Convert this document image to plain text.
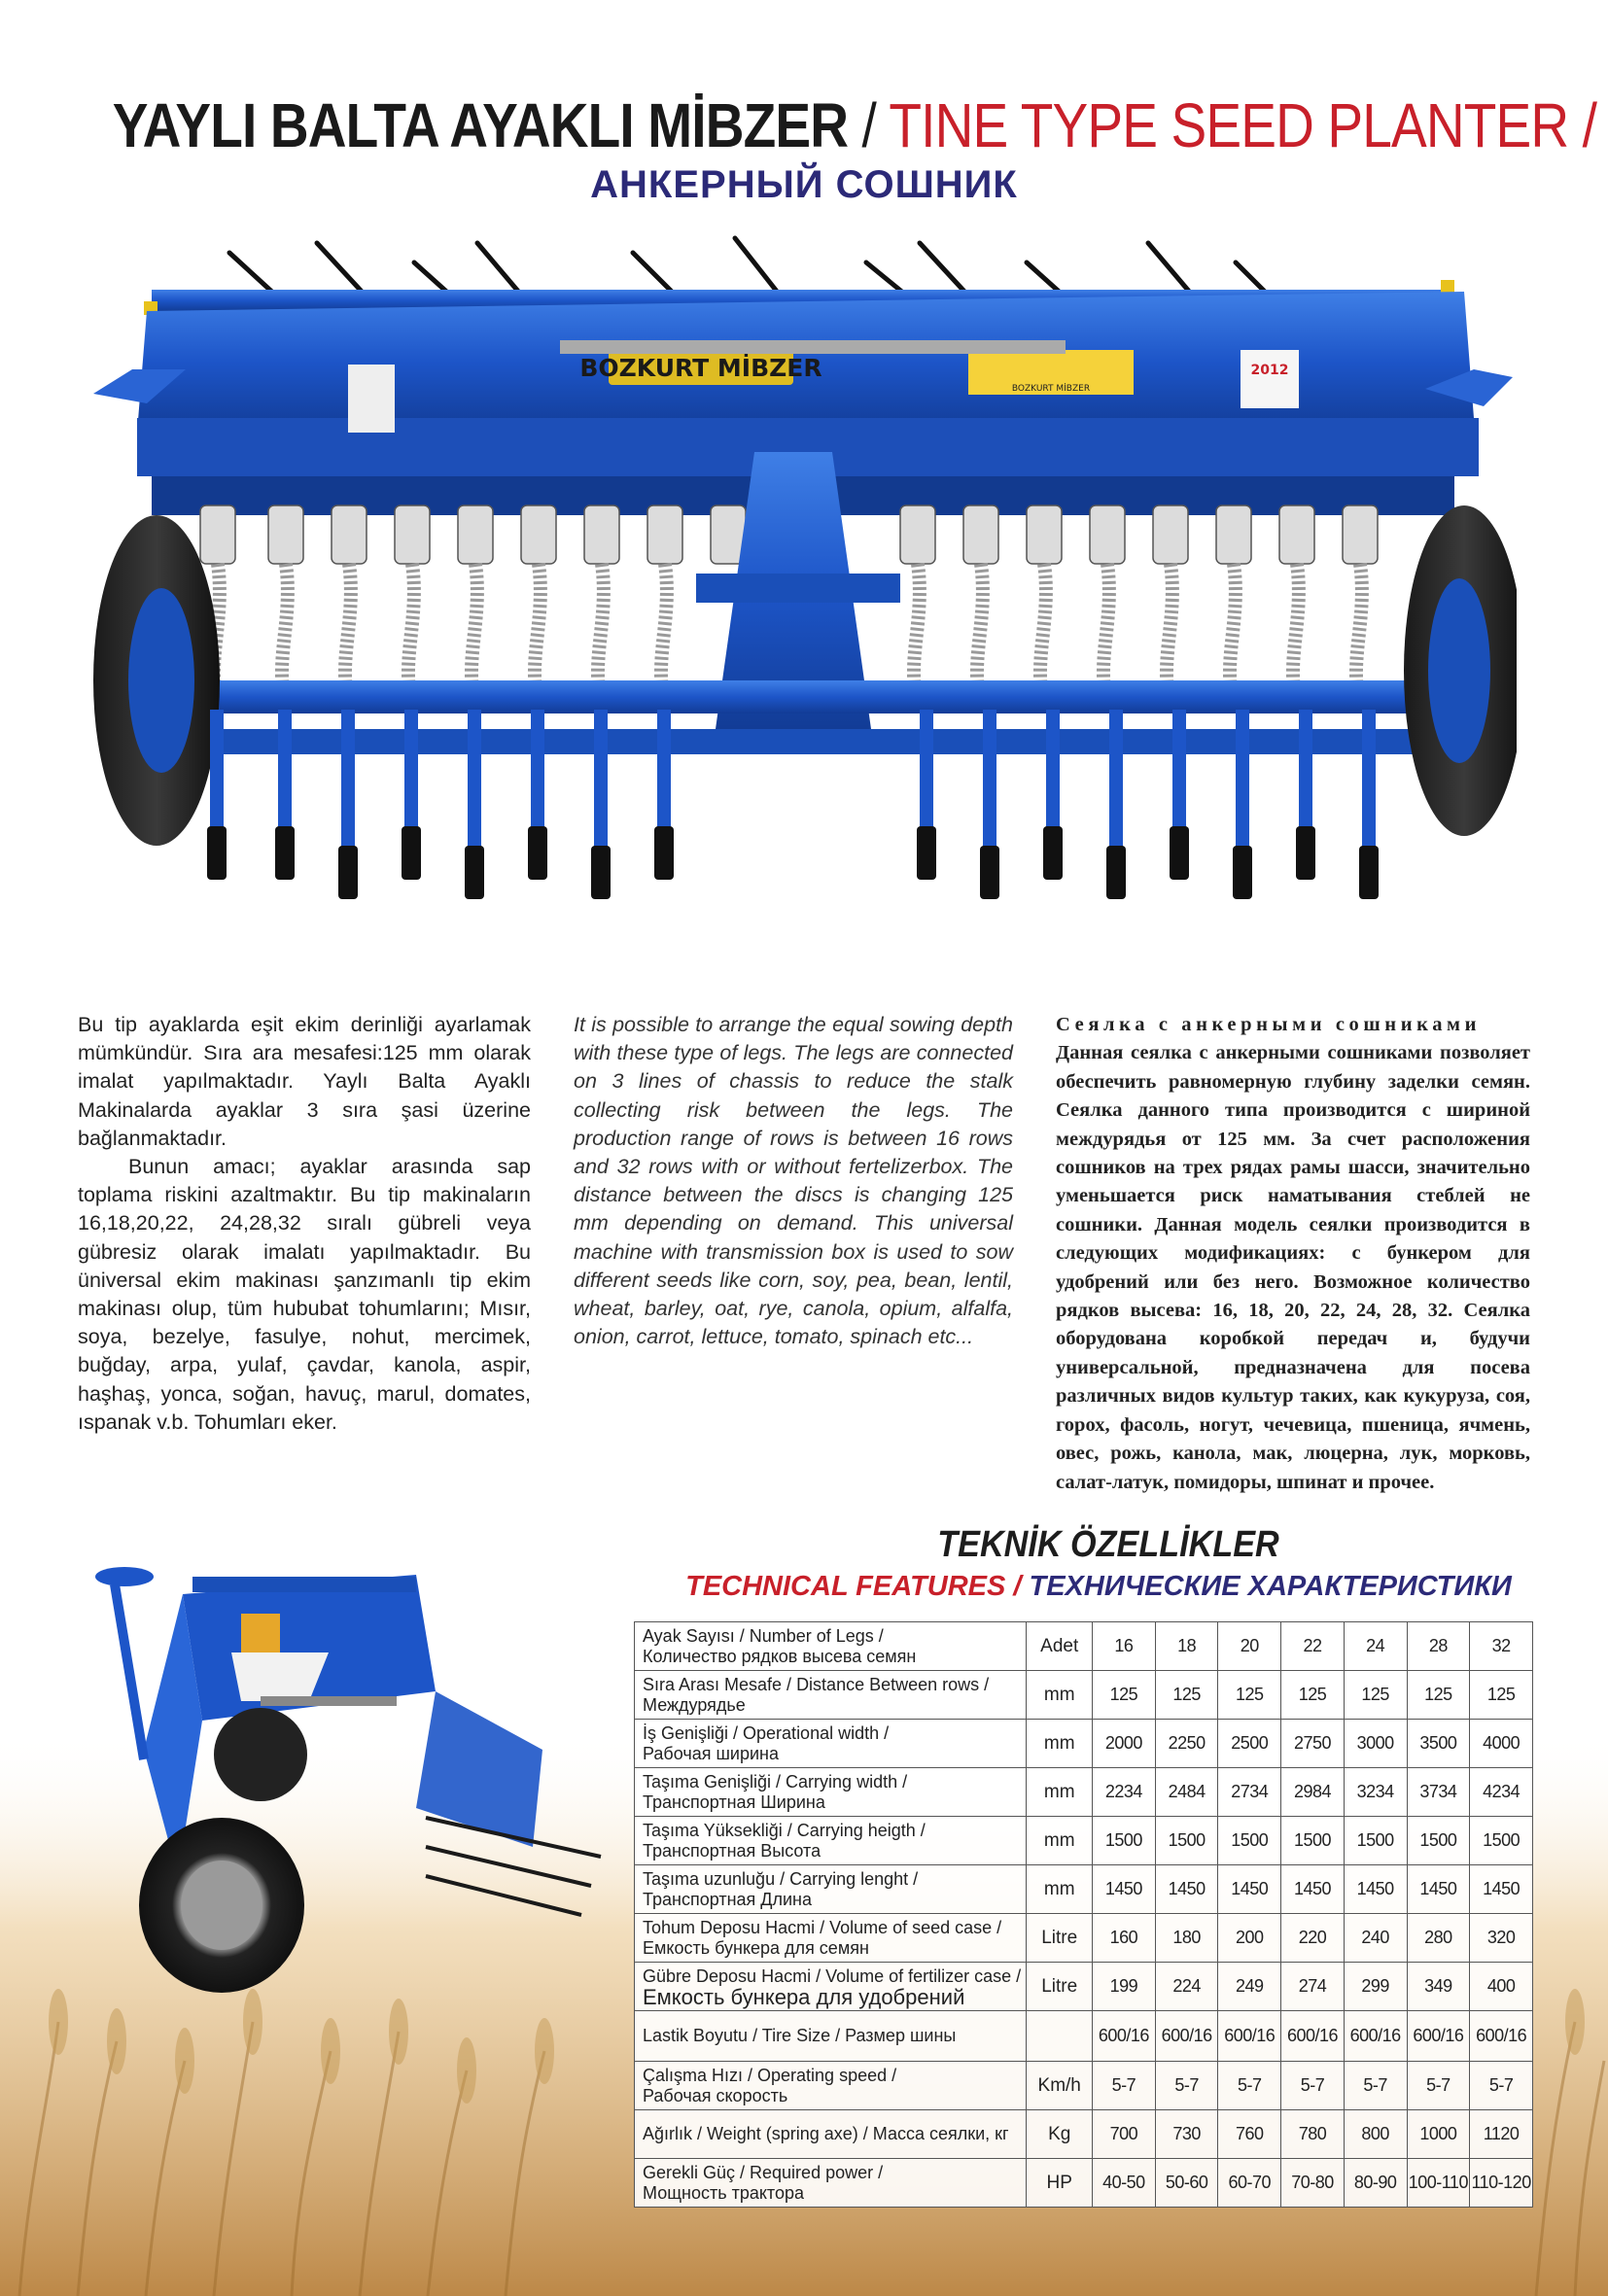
YAYLI BALTA AYAKLI MİBZER / TINE TYPE SEED PLANTER /
АНКЕРНЫЙ СОШНИК
BOZKURT MİBZER
BOZKURT MİBZER
2012

Bu tip ayaklarda eşit ekim derinliği ayarlamak mümkündür. Sıra ara mesafesi:125 mm olarak imalat yapılmaktadır. Yaylı Balta Ayaklı Makinalarda ayaklar 3 sıra şasi üzerine bağlanmaktadır.

Bunun amacı; ayaklar arasında sap toplama riskini azaltmaktır. Bu tip makinaların 16,18,20,22, 24,28,32 sıralı gübreli veya gübresiz olarak imalatı yapılmaktadır. Bu üniversal ekim makinası şanzımanlı tip ekim makinası olup, tüm hububat tohumlarını; Mısır, soya, bezelye, fasulye, nohut, mercimek, buğday, arpa, yulaf, çavdar, kanola, aspir, haşhaş, yonca, soğan, havuç, marul, domates, ıspanak v.b. Tohumları eker.

It is possible to arrange the equal sowing depth with these type of legs. The legs are connected on 3 lines of chassis to reduce the stalk collecting risk between the legs. The production range of rows is between 16 rows and 32 rows with or without fertelizerbox. The distance between the discs is changing 125 mm depending on demand. This universal machine with transmission box is used to sow different seeds like corn, soy, pea, bean, lentil, wheat, barley, oat, rye, canola, opium, alfalfa, onion, carrot, lettuce, tomato, spinach etc...
Сеялка с анкерными сошниками
Данная сеялка с анкерными сошниками позволяет обеспечить равномерную глубину заделки семян. Сеялка данного типа производится с шириной междурядья от 125 мм. За счет расположения сошников на трех рядах рамы шасси, значительно уменьшается риск наматывания стеблей не сошники. Данная модель сеялки производится в следующих модификациях: с бункером для удобрений или без него. Возможное количество рядков высева: 16, 18, 20, 22, 24, 28, 32. Сеялка оборудована коробкой передач и, будучи универсальной, предназначена для посева различных видов культур таких, как кукуруза, соя, горох, фасоль, ногут, чечевица, пшеница, ячмень, овес, рожь, канола, мак, люцерна, лук, морковь, салат-латук, помидоры, шпинат и прочее.
TEKNİK ÖZELLİKLER
TECHNICAL FEATURES / ТЕХНИЧЕСКИЕ ХАРАКТЕРИСТИКИ
Ayak Sayısı / Number of Legs /
Количество рядков высева семян	Adet	16	18	20	22	24	28	32

Sıra Arası Mesafe / Distance Between rows /
Междурядье	mm	125	125	125	125	125	125	125

İş Genişliği / Operational width /
Рабочая ширина	mm	2000	2250	2500	2750	3000	3500	4000

Taşıma Genişliği / Carrying width /
Транспортная Ширина	mm	2234	2484	2734	2984	3234	3734	4234

Taşıma Yüksekliği / Carrying heigth /
Транспортная Высота	mm	1500	1500	1500	1500	1500	1500	1500

Taşıma uzunluğu / Carrying lenght /
Транспортная Длина	mm	1450	1450	1450	1450	1450	1450	1450

Tohum Deposu Hacmi / Volume of seed case /
Емкость бункера для семян	Litre	160	180	200	220	240	280	320

Gübre Deposu Hacmi / Volume of fertilizer case /
Емкость бункера для удобрений	Litre	199	224	249	274	299	349	400

Lastik Boyutu / Tire Size / Размер шины		600/16	600/16	600/16	600/16	600/16	600/16	600/16

Çalışma Hızı / Operating speed /
Рабочая скорость	Km/h	5-7	5-7	5-7	5-7	5-7	5-7	5-7

Ağırlık / Weight (spring axe) / Масса сеялки, кг	Kg	700	730	760	780	800	1000	1120

Gerekli Güç / Required power /
Мощность трактора	HP	40-50	50-60	60-70	70-80	80-90	100-110	110-120
